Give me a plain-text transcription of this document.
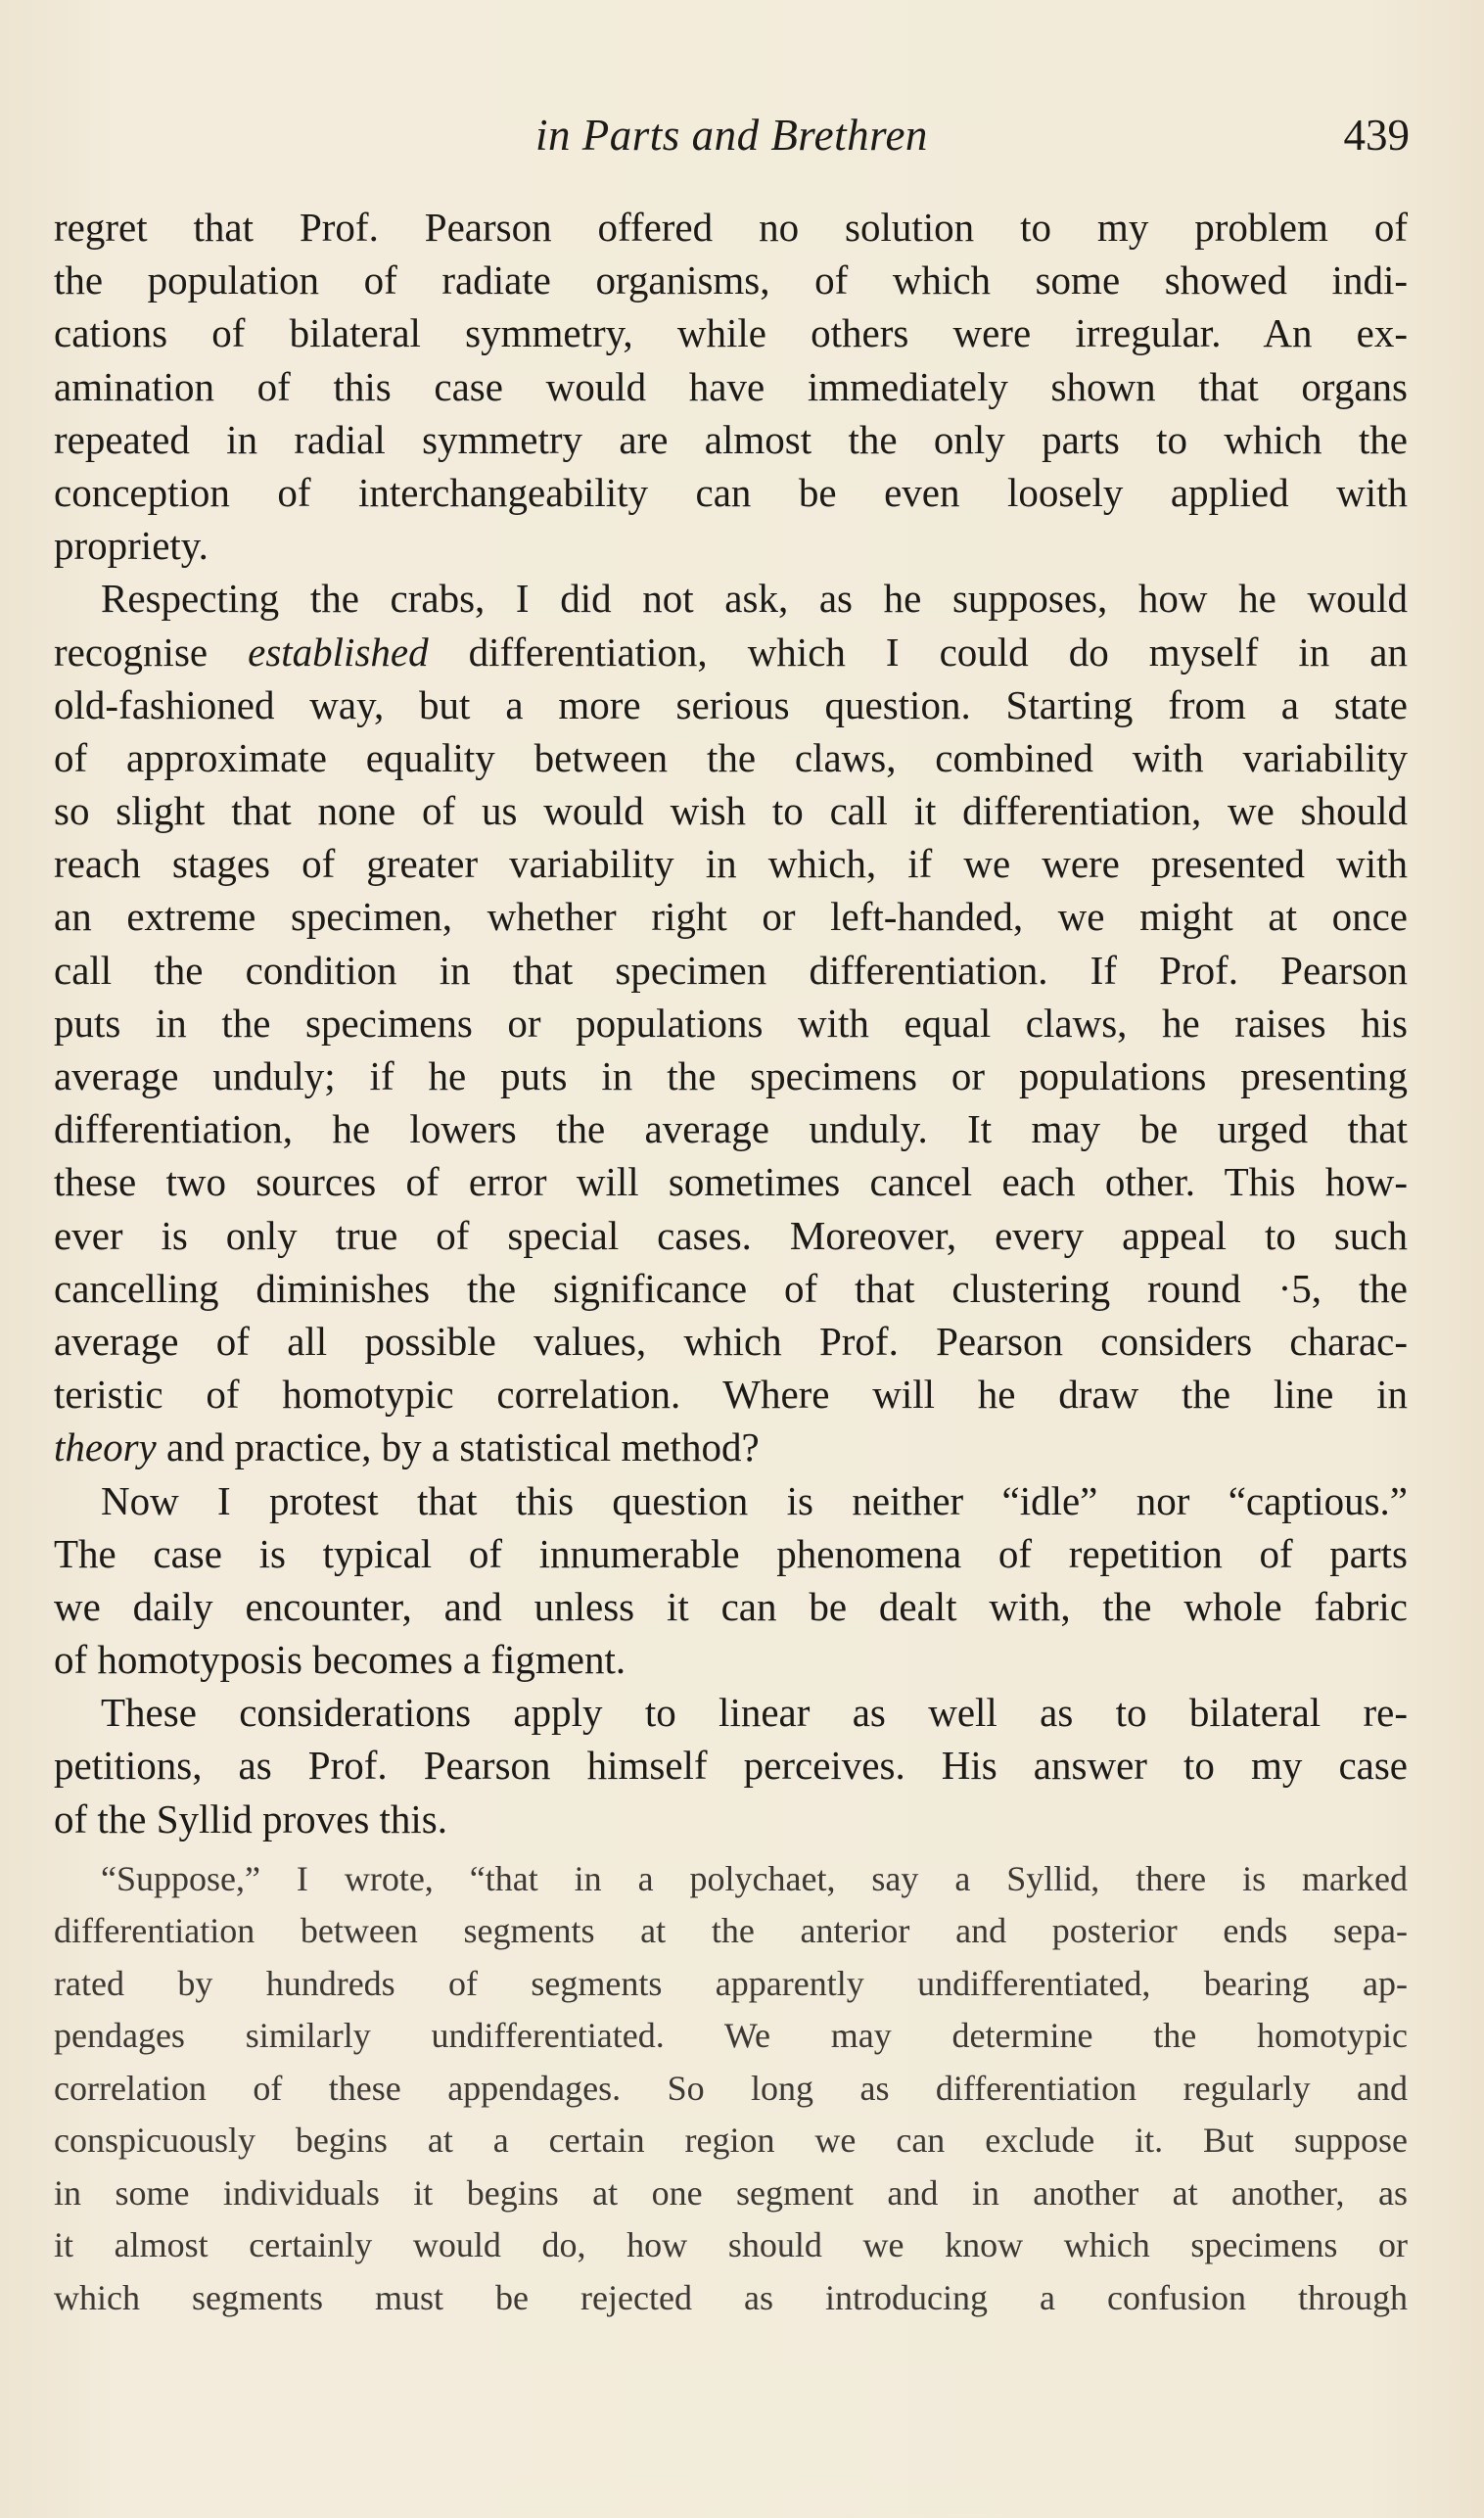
in Parts and Brethren	439
regret that Prof. Pearson offered no solution to my problem of
the population of radiate organisms, of which some showed indi-
cations of bilateral symmetry, while others were irregular. An ex-
amination of this case would have immediately shown that organs
repeated in radial symmetry are almost the only parts to which the
conception of interchangeability can be even loosely applied with
propriety.
Respecting the crabs, I did not ask, as he supposes, how he would
recognise established differentiation, which I could do myself in an
old-fashioned way, but a more serious question. Starting from a state
of approximate equality between the claws, combined with variability
so slight that none of us would wish to call it differentiation, we should
reach stages of greater variability in which, if we were presented with
an extreme specimen, whether right or left-handed, we might at once
call the condition in that specimen differentiation. If Prof. Pearson
puts in the specimens or populations with equal claws, he raises his
average unduly; if he puts in the specimens or populations presenting
differentiation, he lowers the average unduly. It may be urged that
these two sources of error will sometimes cancel each other. This how-
ever is only true of special cases. Moreover, every appeal to such
cancelling diminishes the significance of that clustering round ·5, the
average of all possible values, which Prof. Pearson considers charac-
teristic of homotypic correlation. Where will he draw the line in
theory and practice, by a statistical method?
Now I protest that this question is neither “idle” nor “captious.”
The case is typical of innumerable phenomena of repetition of parts
we daily encounter, and unless it can be dealt with, the whole fabric
of homotyposis becomes a figment.
These considerations apply to linear as well as to bilateral re-
petitions, as Prof. Pearson himself perceives. His answer to my case
of the Syllid proves this.
“Suppose,” I wrote, “that in a polychaet, say a Syllid, there is marked
differentiation between segments at the anterior and posterior ends sepa-
rated by hundreds of segments apparently undifferentiated, bearing ap-
pendages similarly undifferentiated. We may determine the homotypic
correlation of these appendages. So long as differentiation regularly and
conspicuously begins at a certain region we can exclude it. But suppose
in some individuals it begins at one segment and in another at another, as
it almost certainly would do, how should we know which specimens or
which segments must be rejected as introducing a confusion through
